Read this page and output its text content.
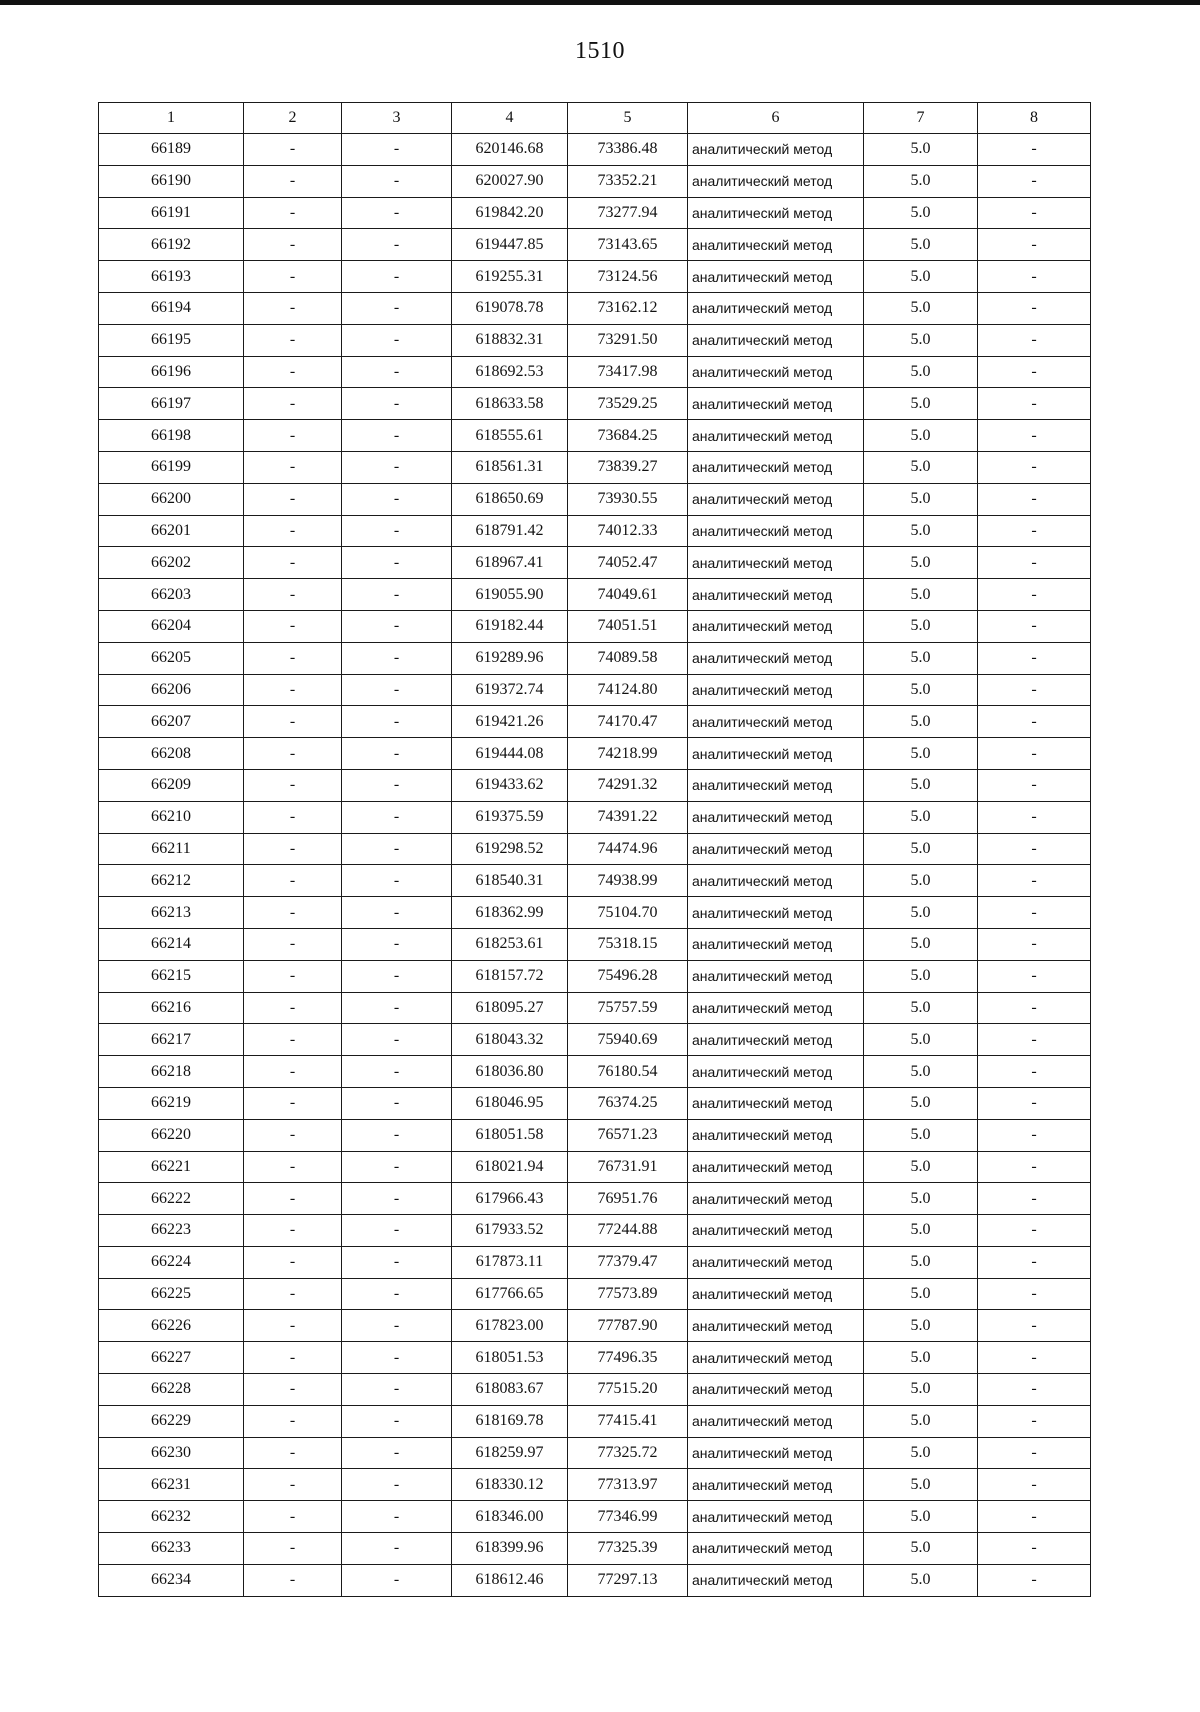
1510
1	2	3	4	5	6	7	8
66189	-	-	620146.68	73386.48	аналитический метод	5.0	-
66190	-	-	620027.90	73352.21	аналитический метод	5.0	-
66191	-	-	619842.20	73277.94	аналитический метод	5.0	-
66192	-	-	619447.85	73143.65	аналитический метод	5.0	-
66193	-	-	619255.31	73124.56	аналитический метод	5.0	-
66194	-	-	619078.78	73162.12	аналитический метод	5.0	-
66195	-	-	618832.31	73291.50	аналитический метод	5.0	-
66196	-	-	618692.53	73417.98	аналитический метод	5.0	-
66197	-	-	618633.58	73529.25	аналитический метод	5.0	-
66198	-	-	618555.61	73684.25	аналитический метод	5.0	-
66199	-	-	618561.31	73839.27	аналитический метод	5.0	-
66200	-	-	618650.69	73930.55	аналитический метод	5.0	-
66201	-	-	618791.42	74012.33	аналитический метод	5.0	-
66202	-	-	618967.41	74052.47	аналитический метод	5.0	-
66203	-	-	619055.90	74049.61	аналитический метод	5.0	-
66204	-	-	619182.44	74051.51	аналитический метод	5.0	-
66205	-	-	619289.96	74089.58	аналитический метод	5.0	-
66206	-	-	619372.74	74124.80	аналитический метод	5.0	-
66207	-	-	619421.26	74170.47	аналитический метод	5.0	-
66208	-	-	619444.08	74218.99	аналитический метод	5.0	-
66209	-	-	619433.62	74291.32	аналитический метод	5.0	-
66210	-	-	619375.59	74391.22	аналитический метод	5.0	-
66211	-	-	619298.52	74474.96	аналитический метод	5.0	-
66212	-	-	618540.31	74938.99	аналитический метод	5.0	-
66213	-	-	618362.99	75104.70	аналитический метод	5.0	-
66214	-	-	618253.61	75318.15	аналитический метод	5.0	-
66215	-	-	618157.72	75496.28	аналитический метод	5.0	-
66216	-	-	618095.27	75757.59	аналитический метод	5.0	-
66217	-	-	618043.32	75940.69	аналитический метод	5.0	-
66218	-	-	618036.80	76180.54	аналитический метод	5.0	-
66219	-	-	618046.95	76374.25	аналитический метод	5.0	-
66220	-	-	618051.58	76571.23	аналитический метод	5.0	-
66221	-	-	618021.94	76731.91	аналитический метод	5.0	-
66222	-	-	617966.43	76951.76	аналитический метод	5.0	-
66223	-	-	617933.52	77244.88	аналитический метод	5.0	-
66224	-	-	617873.11	77379.47	аналитический метод	5.0	-
66225	-	-	617766.65	77573.89	аналитический метод	5.0	-
66226	-	-	617823.00	77787.90	аналитический метод	5.0	-
66227	-	-	618051.53	77496.35	аналитический метод	5.0	-
66228	-	-	618083.67	77515.20	аналитический метод	5.0	-
66229	-	-	618169.78	77415.41	аналитический метод	5.0	-
66230	-	-	618259.97	77325.72	аналитический метод	5.0	-
66231	-	-	618330.12	77313.97	аналитический метод	5.0	-
66232	-	-	618346.00	77346.99	аналитический метод	5.0	-
66233	-	-	618399.96	77325.39	аналитический метод	5.0	-
66234	-	-	618612.46	77297.13	аналитический метод	5.0	-
